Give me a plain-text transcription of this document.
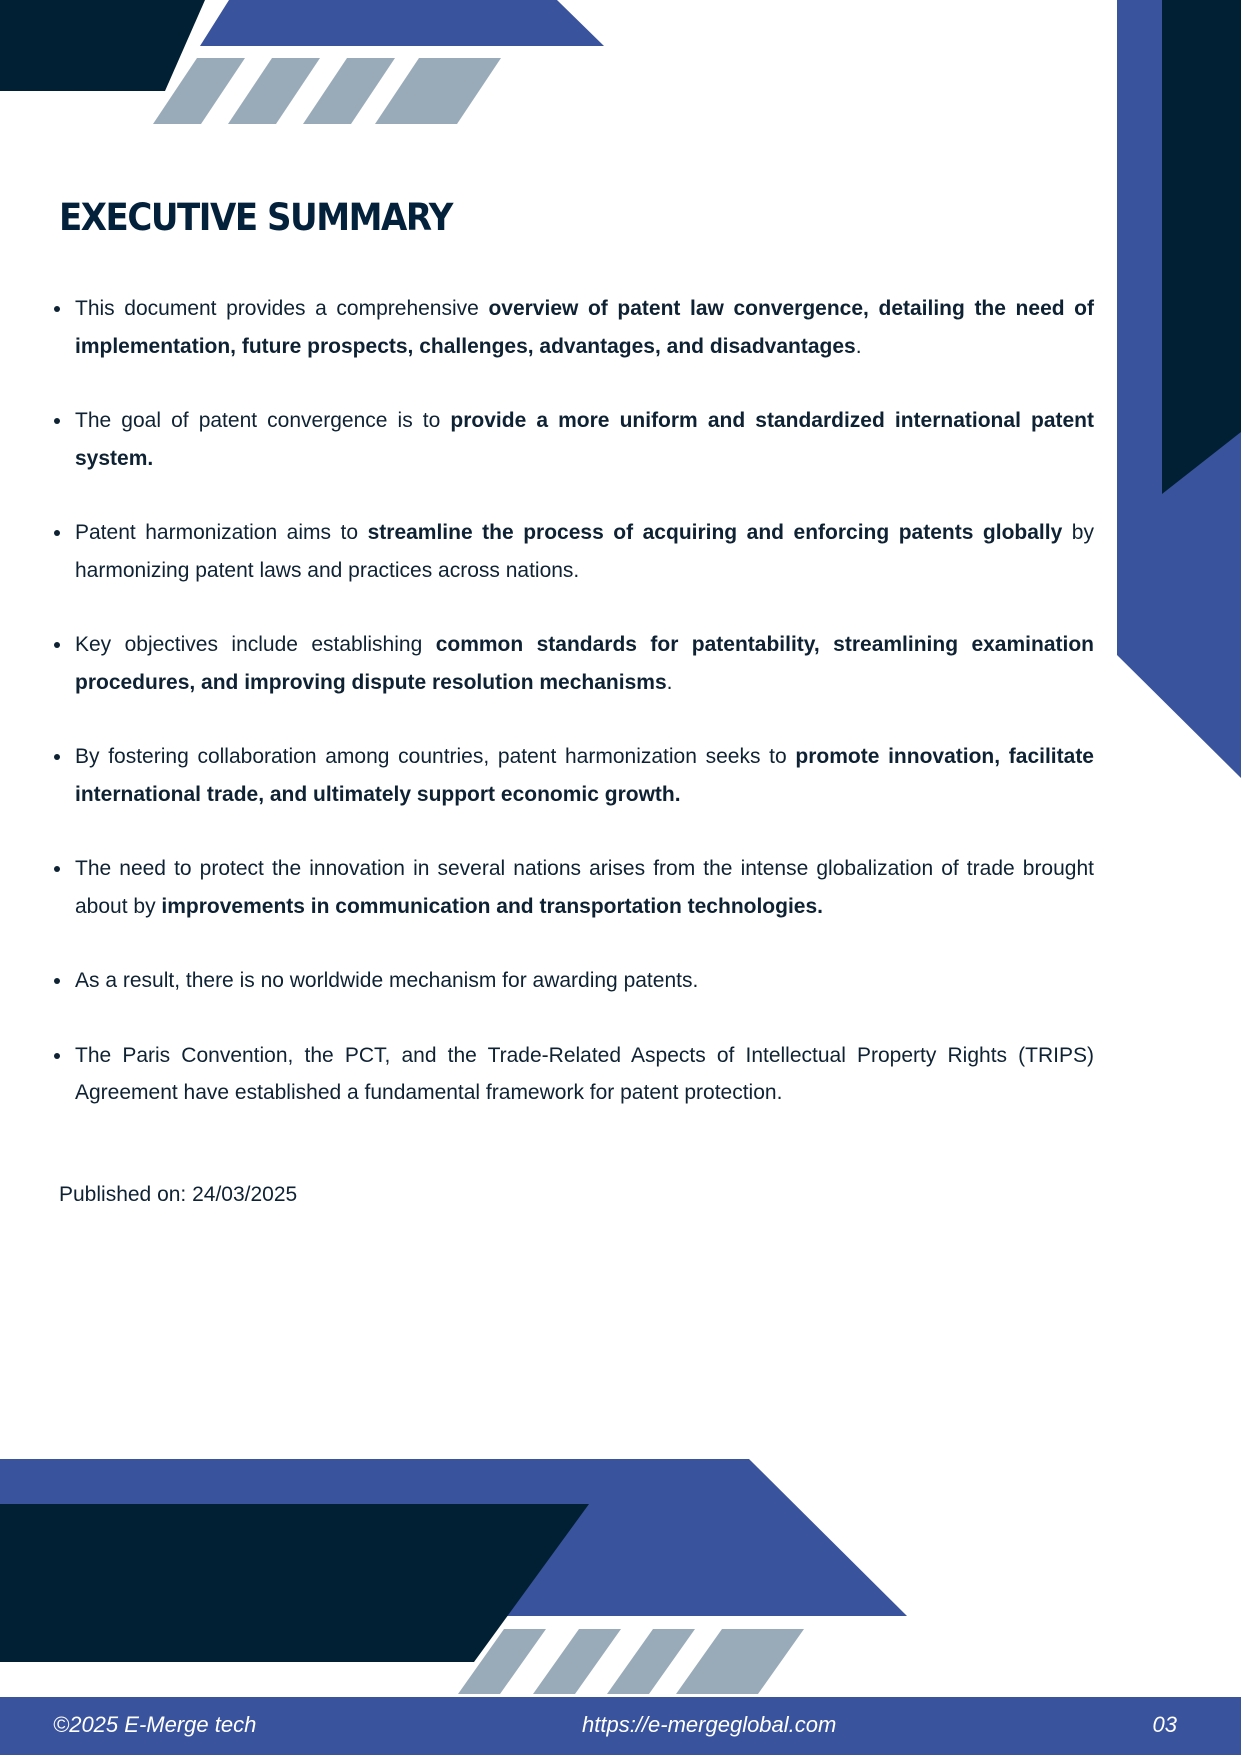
EXECUTIVE SUMMARY
This document provides a comprehensive overview of patent law convergence, detailing the need of implementation, future prospects, challenges, advantages, and disadvantages.
The goal of patent convergence is to provide a more uniform and standardized international patent system.
Patent harmonization aims to streamline the process of acquiring and enforcing patents globally by harmonizing patent laws and practices across nations.
Key objectives include establishing common standards for patentability, streamlining examination procedures, and improving dispute resolution mechanisms.
By fostering collaboration among countries, patent harmonization seeks to promote innovation, facilitate international trade, and ultimately support economic growth.
The need to protect the innovation in several nations arises from the intense globalization of trade brought about by improvements in communication and transportation technologies.
As a result, there is no worldwide mechanism for awarding patents.
The Paris Convention, the PCT, and the Trade-Related Aspects of Intellectual Property Rights (TRIPS) Agreement have established a fundamental framework for patent protection.
Published on: 24/03/2025
©2025 E-Merge tech	https://e-mergeglobal.com	03
